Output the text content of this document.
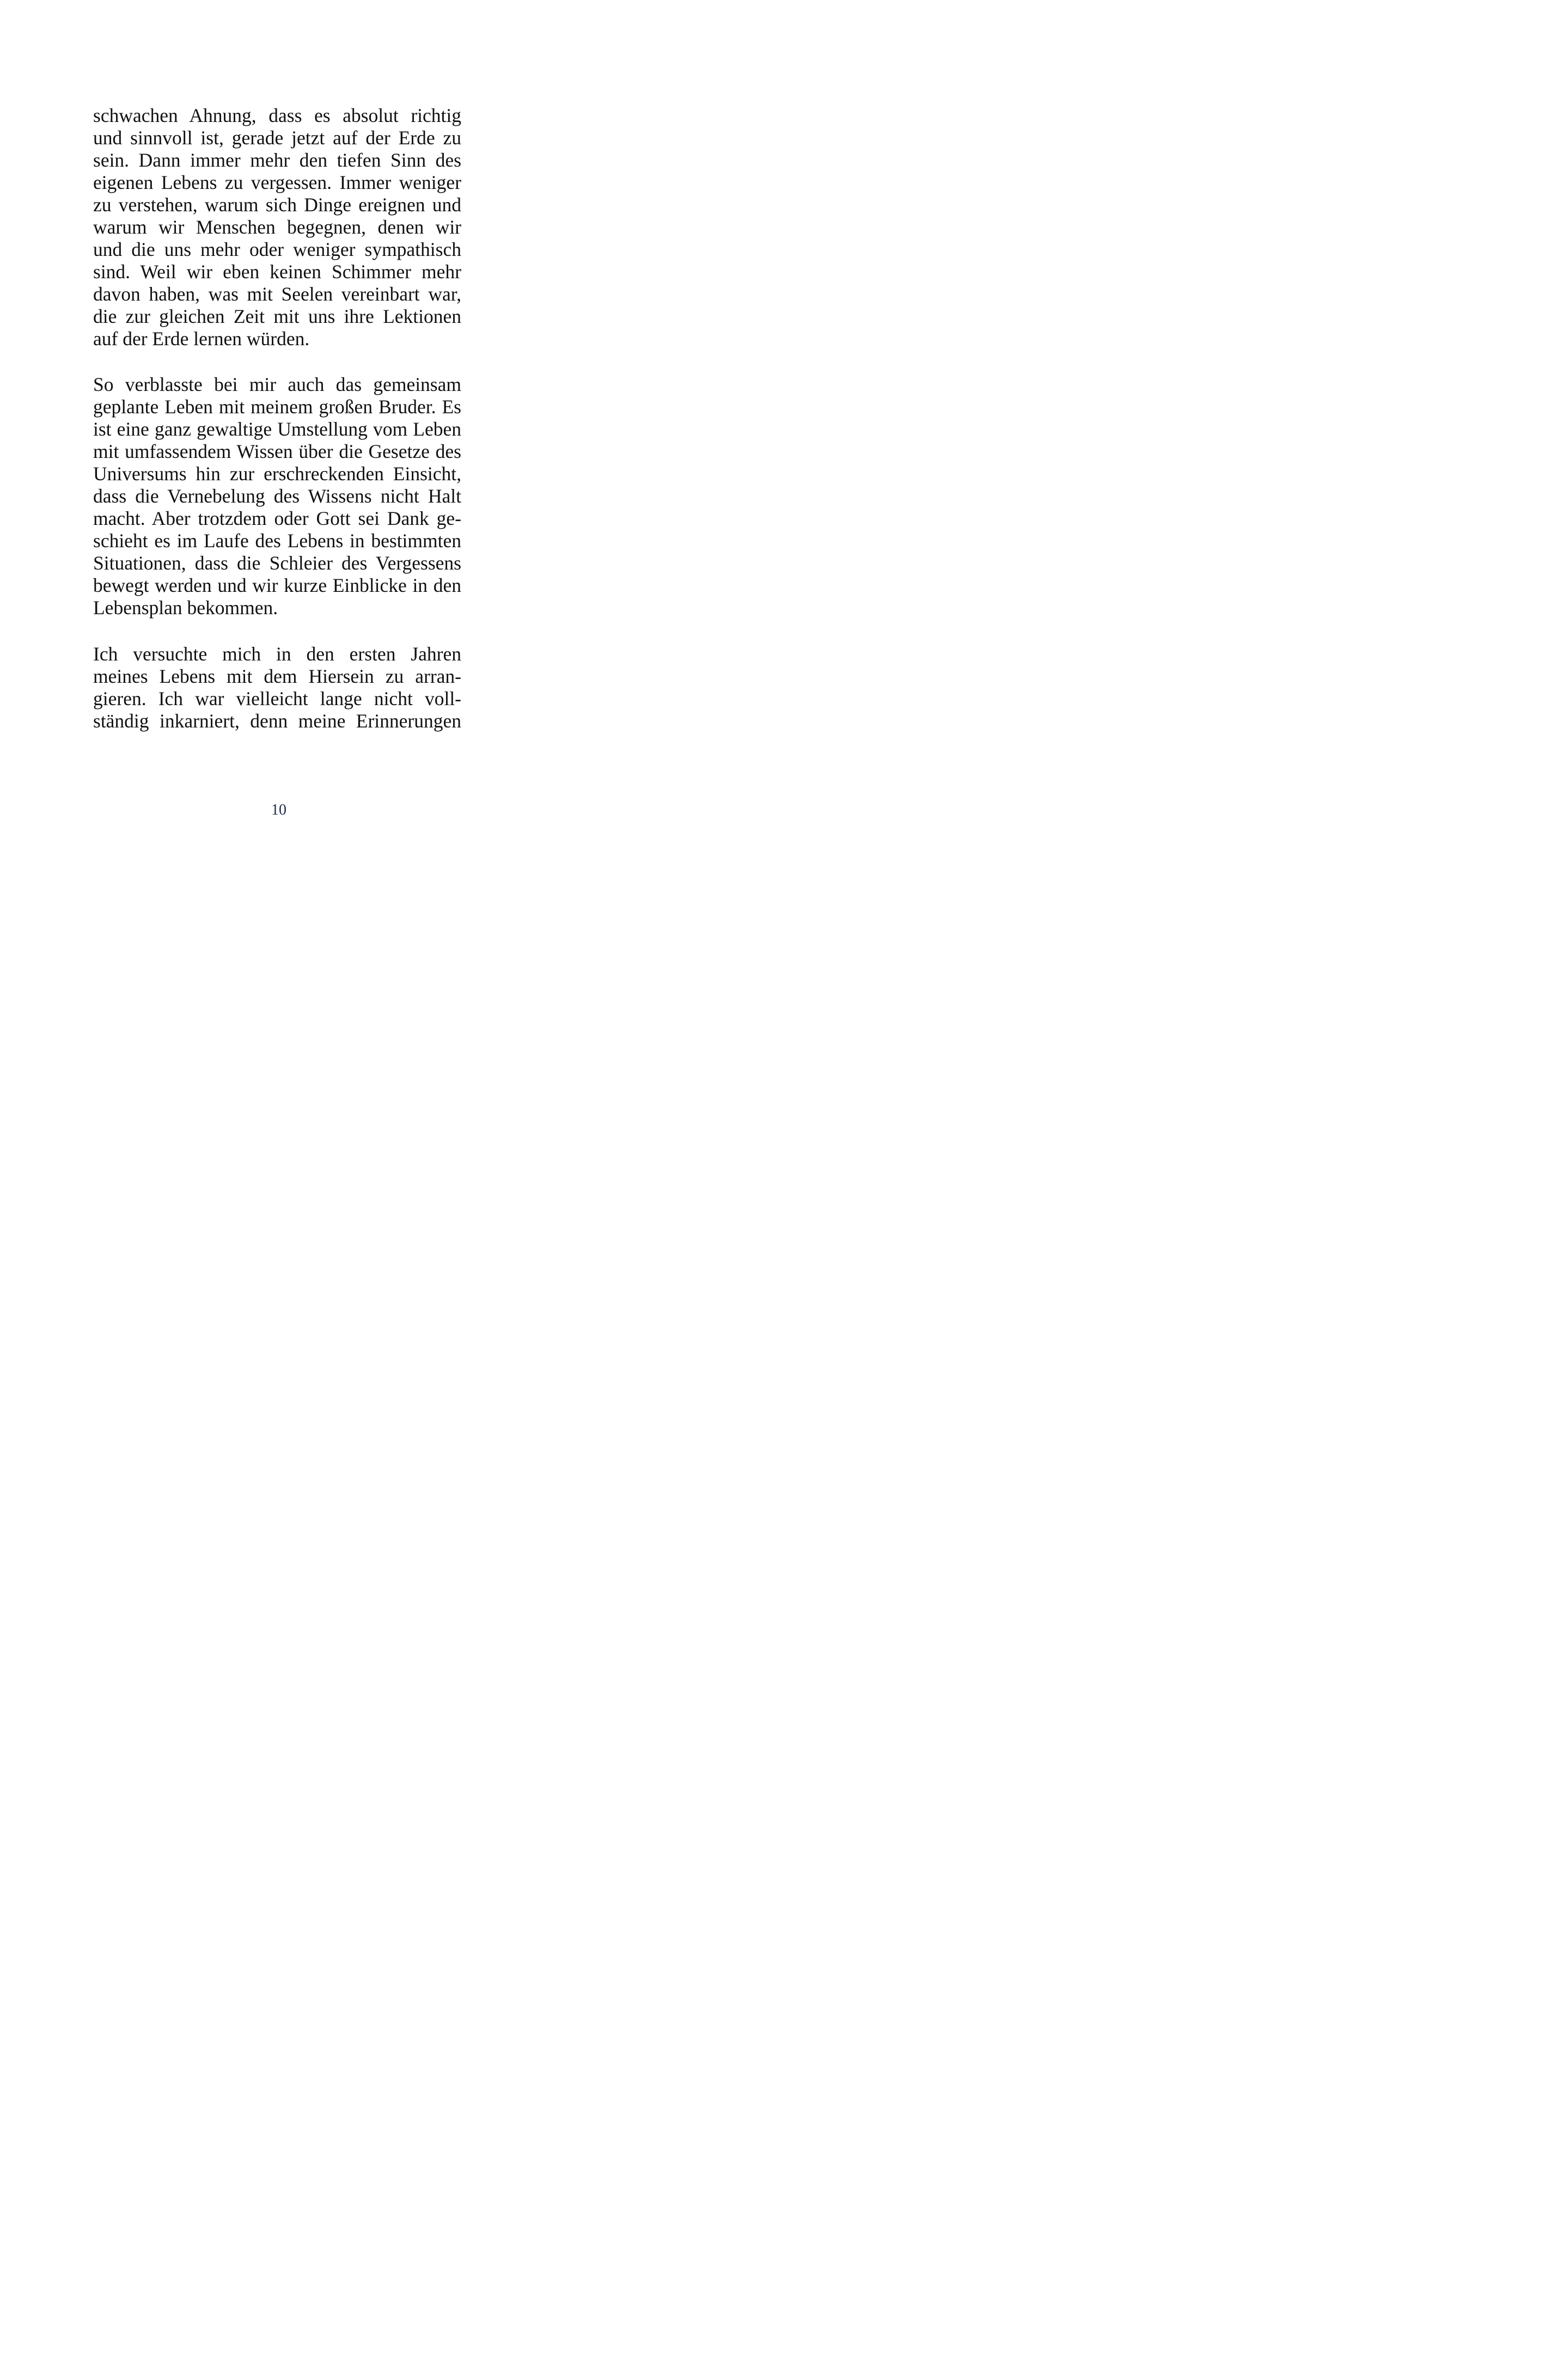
schwachen Ahnung, dass es absolut richtig
und sinnvoll ist, gerade jetzt auf der Erde zu
sein. Dann immer mehr den tiefen Sinn des
eigenen Lebens zu vergessen. Immer weniger
zu verstehen, warum sich Dinge ereignen und
warum wir Menschen begegnen, denen wir
und die uns mehr oder weniger sympathisch
sind. Weil wir eben keinen Schimmer mehr
davon haben, was mit Seelen vereinbart war,
die zur gleichen Zeit mit uns ihre Lektionen
auf der Erde lernen würden.
So verblasste bei mir auch das gemeinsam
geplante Leben mit meinem großen Bruder. Es
ist eine ganz gewaltige Umstellung vom Leben
mit umfassendem Wissen über die Gesetze des
Universums hin zur erschreckenden Einsicht,
dass die Vernebelung des Wissens nicht Halt
macht. Aber trotzdem oder Gott sei Dank ge-
schieht es im Laufe des Lebens in bestimmten
Situationen, dass die Schleier des Vergessens
bewegt werden und wir kurze Einblicke in den
Lebensplan bekommen.
Ich versuchte mich in den ersten Jahren
meines Lebens mit dem Hiersein zu arran-
gieren. Ich war vielleicht lange nicht voll-
ständig inkarniert, denn meine Erinnerungen
10
